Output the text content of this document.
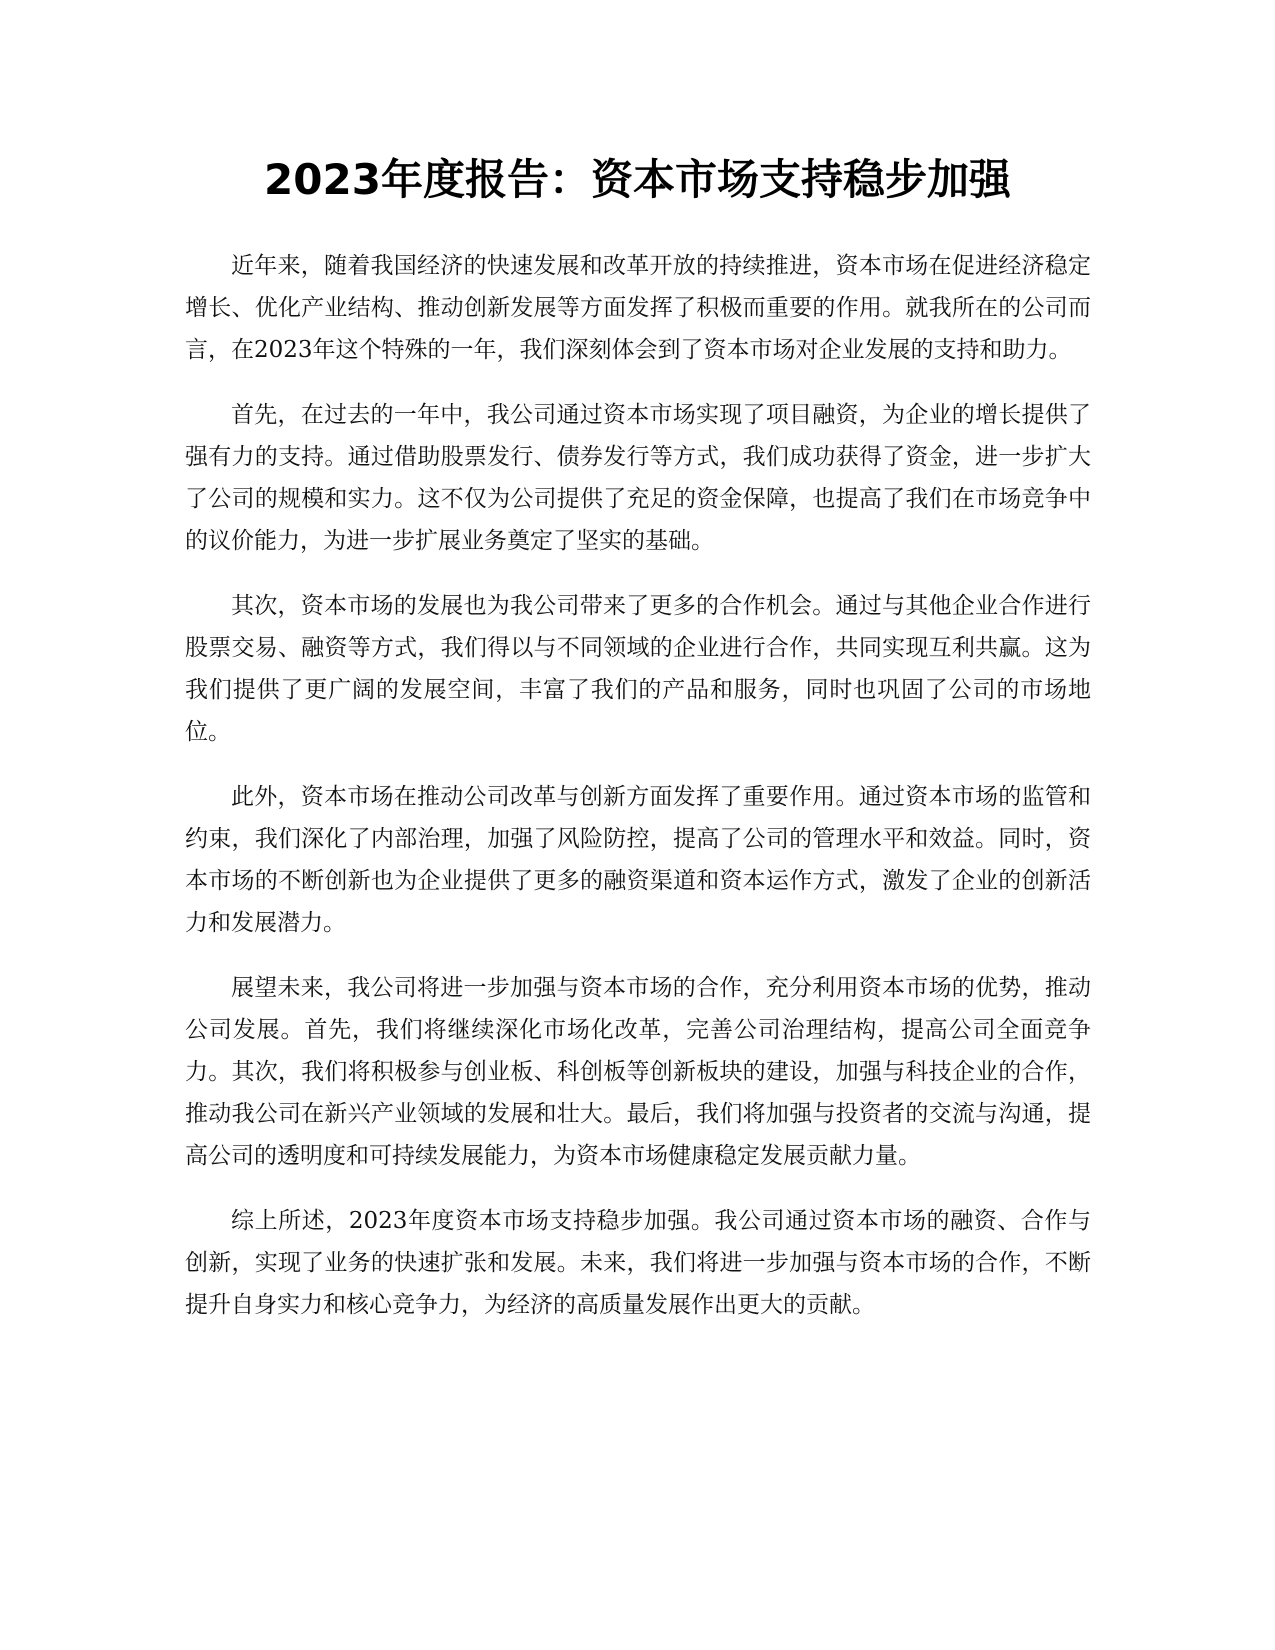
2023年度报告：资本市场支持稳步加强

近年来，随着我国经济的快速发展和改革开放的持续推进，资本市场在促进经济稳定增长、优化产业结构、推动创新发展等方面发挥了积极而重要的作用。就我所在的公司而言，在2023年这个特殊的一年，我们深刻体会到了资本市场对企业发展的支持和助力。

首先，在过去的一年中，我公司通过资本市场实现了项目融资，为企业的增长提供了强有力的支持。通过借助股票发行、债券发行等方式，我们成功获得了资金，进一步扩大了公司的规模和实力。这不仅为公司提供了充足的资金保障，也提高了我们在市场竞争中的议价能力，为进一步扩展业务奠定了坚实的基础。

其次，资本市场的发展也为我公司带来了更多的合作机会。通过与其他企业合作进行股票交易、融资等方式，我们得以与不同领域的企业进行合作，共同实现互利共赢。这为我们提供了更广阔的发展空间，丰富了我们的产品和服务，同时也巩固了公司的市场地位。

此外，资本市场在推动公司改革与创新方面发挥了重要作用。通过资本市场的监管和约束，我们深化了内部治理，加强了风险防控，提高了公司的管理水平和效益。同时，资本市场的不断创新也为企业提供了更多的融资渠道和资本运作方式，激发了企业的创新活力和发展潜力。

展望未来，我公司将进一步加强与资本市场的合作，充分利用资本市场的优势，推动公司发展。首先，我们将继续深化市场化改革，完善公司治理结构，提高公司全面竞争力。其次，我们将积极参与创业板、科创板等创新板块的建设，加强与科技企业的合作，推动我公司在新兴产业领域的发展和壮大。最后，我们将加强与投资者的交流与沟通，提高公司的透明度和可持续发展能力，为资本市场健康稳定发展贡献力量。

综上所述，2023年度资本市场支持稳步加强。我公司通过资本市场的融资、合作与创新，实现了业务的快速扩张和发展。未来，我们将进一步加强与资本市场的合作，不断提升自身实力和核心竞争力，为经济的高质量发展作出更大的贡献。
